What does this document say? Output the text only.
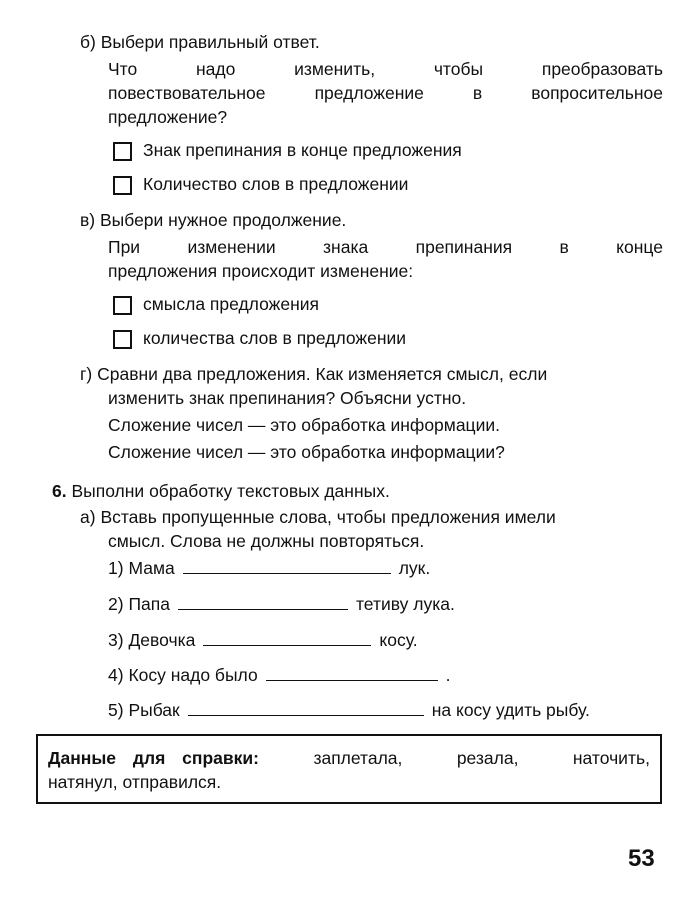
б) Выбери правильный ответ.
Что	надо	изменить,	чтобы	преобразовать
повествовательное	предложение	в	вопросительное
предложение?
Знак препинания в конце предложения
Количество слов в предложении
в) Выбери нужное продолжение.
При	изменении	знака	препинания	в	конце
предложения происходит изменение:
смысла предложения
количества слов в предложении
г) Сравни два предложения. Как изменяется смысл, если
изменить знак препинания? Объясни устно.
Сложение чисел — это обработка информации.
Сложение чисел — это обработка информации?
6. Выполни обработку текстовых данных.
а) Вставь пропущенные слова, чтобы предложения имели
смысл. Слова не должны повторяться.
1) Мама	лук.
2) Папа	тетиву лука.
3) Девочка	косу.
4) Косу надо было	.
5) Рыбак	на косу удить рыбу.
Данные для справки:	заплетала,	резала,	наточить,
натянул, отправился.
53
